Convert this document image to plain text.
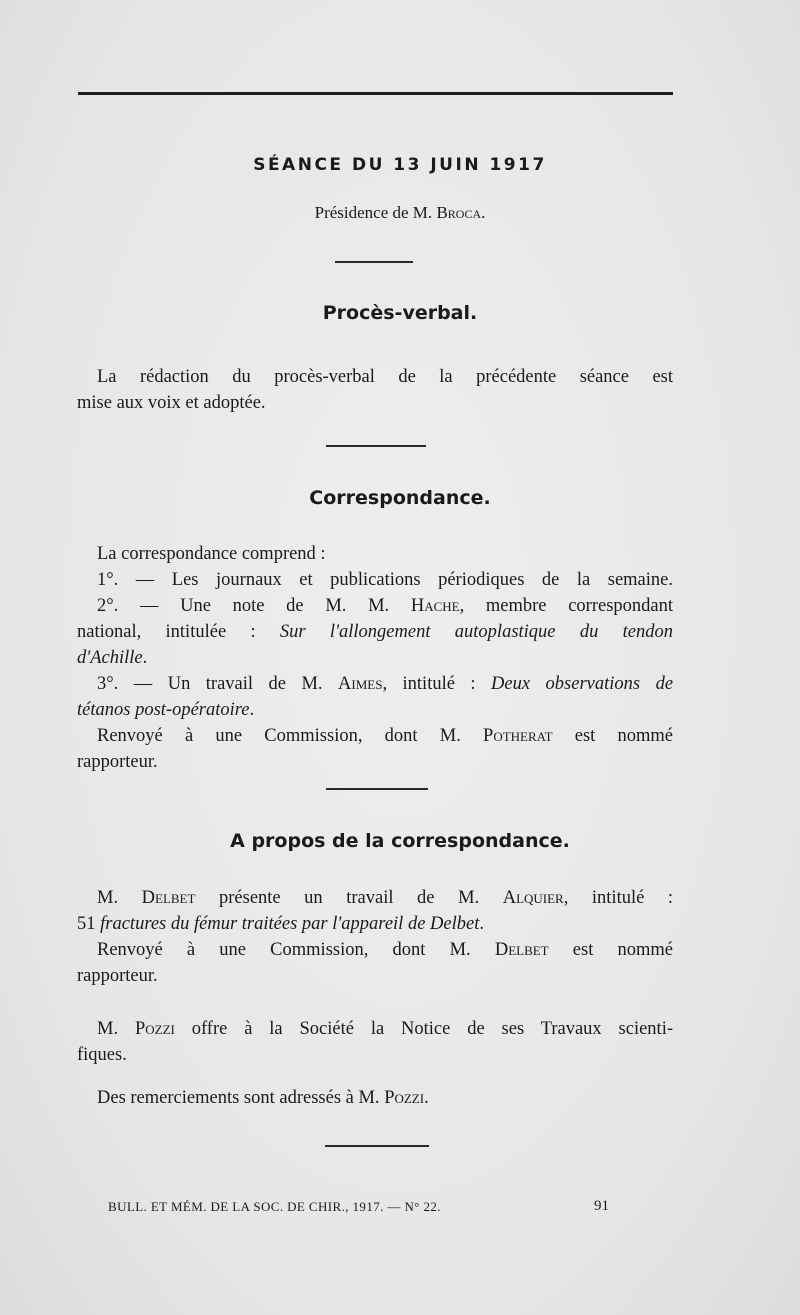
SÉANCE DU 13 JUIN 1917
Présidence de M. Broca.
Procès-verbal.
La rédaction du procès-verbal de la précédente séance est
mise aux voix et adoptée.
Correspondance.
La correspondance comprend :
1°. — Les journaux et publications périodiques de la semaine.
2°. — Une note de M. M. Hache, membre correspondant
national, intitulée : Sur l'allongement autoplastique du tendon
d'Achille.
3°. — Un travail de M. Aimes, intitulé : Deux observations de
tétanos post-opératoire.
Renvoyé à une Commission, dont M. Potherat est nommé
rapporteur.
A propos de la correspondance.
M. Delbet présente un travail de M. Alquier, intitulé :
51 fractures du fémur traitées par l'appareil de Delbet.
Renvoyé à une Commission, dont M. Delbet est nommé
rapporteur.
M. Pozzi offre à la Société la Notice de ses Travaux scienti-
fiques.
Des remerciements sont adressés à M. Pozzi.
BULL. ET MÉM. DE LA SOC. DE CHIR., 1917. — N° 22.	91
